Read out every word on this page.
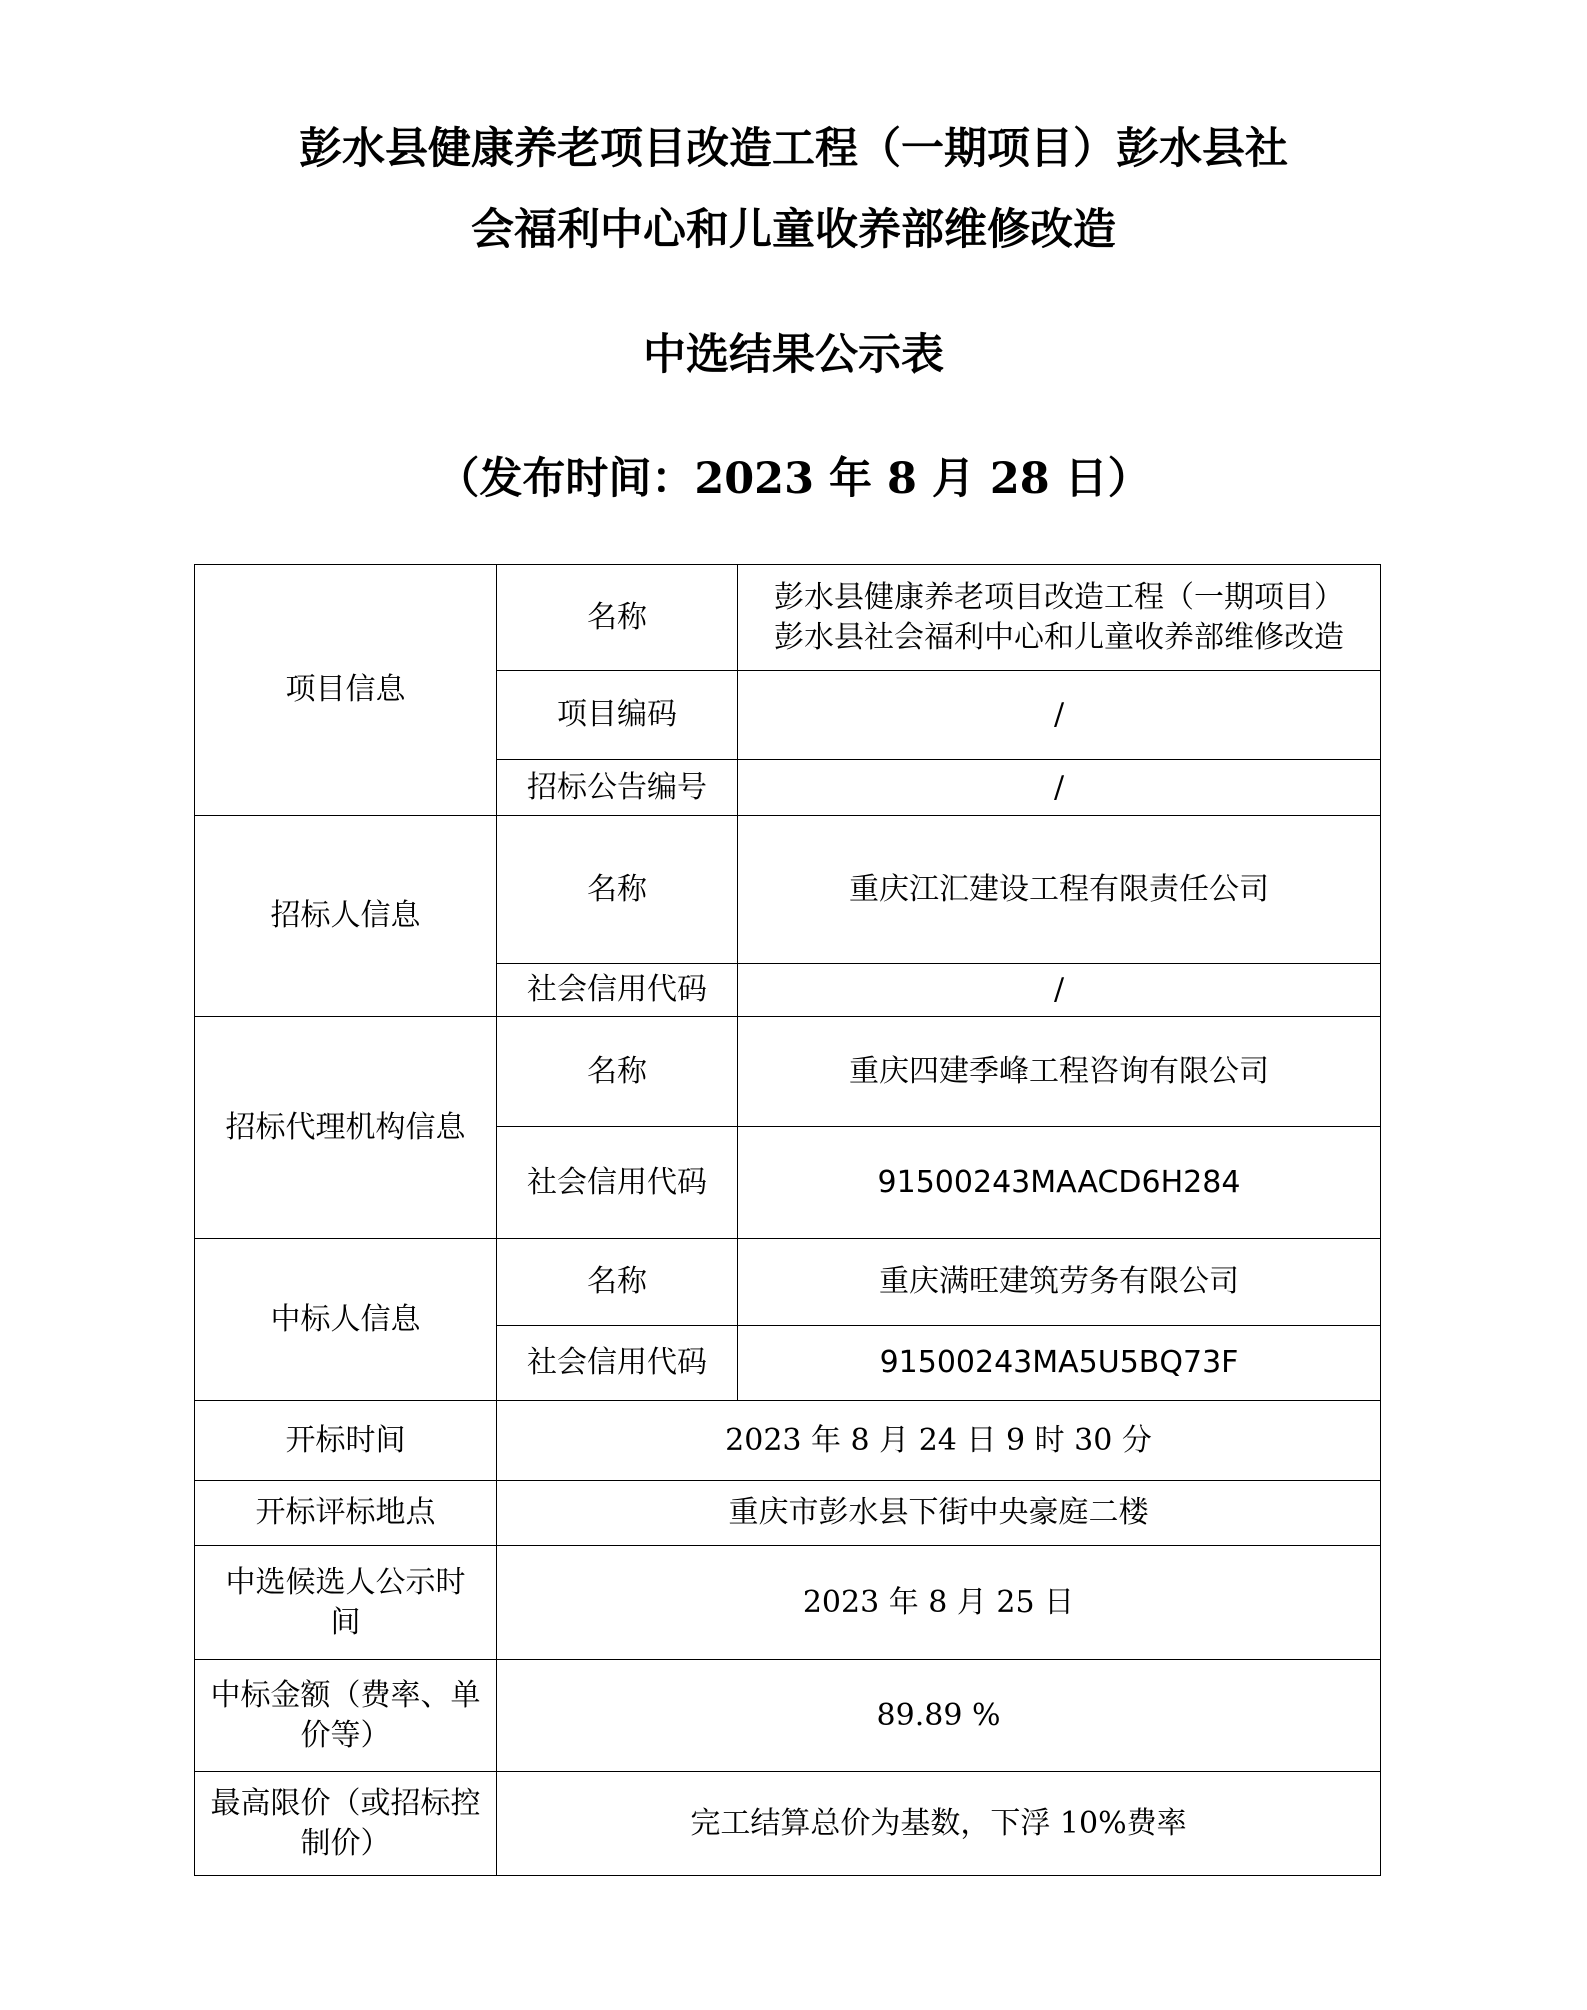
彭水县健康养老项目改造工程（一期项目）彭水县社
会福利中心和儿童收养部维修改造
中选结果公示表
（发布时间：2023 年 8 月 28 日）
项目信息	名称	彭水县健康养老项目改造工程（一期项目）
彭水县社会福利中心和儿童收养部维修改造

	项目编码	/
	招标公告编号	/
招标人信息	名称	重庆江汇建设工程有限责任公司
	社会信用代码	/
招标代理机构信息	名称	重庆四建季峰工程咨询有限公司
	社会信用代码	91500243MAACD6H284
中标人信息	名称	重庆满旺建筑劳务有限公司
	社会信用代码	91500243MA5U5BQ73F
开标时间	2023 年 8 月 24 日 9 时 30 分	
开标评标地点	重庆市彭水县下街中央豪庭二楼	

中选候选人公示时
间	2023 年 8 月 25 日	

中标金额（费率、单
价等）	89.89 %	

最高限价（或招标控
制价）	完工结算总价为基数，下浮 10%费率	
